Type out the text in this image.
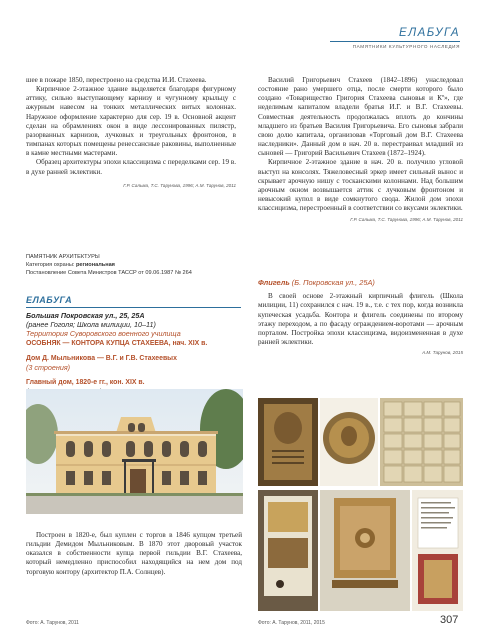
ЕЛАБУГА
ПАМЯТНИКИ КУЛЬТУРНОГО НАСЛЕДИЯ

шее в пожаре 1850, перестроено на средства И.И. Стахеева.

Кирпичное 2-этажное здание выделяется благодаря фигурному аттику, сильно выступающему карнизу и чугунному крыльцу с ажурным навесом на тонких металлических витых колоннах. Наружное оформление характерно для сер. 19 в. Основной акцент сделан на обрамлениях окон в виде лессонированных пилястр, разорванных карнизов, лучковых и треугольных фронтонов, в тимпанах которых помещены ренессансные раковины, выполненные в камне местными мастерами.

Образец архитектуры эпохи классицизма с переделками сер. 19 в. в духе ранней эклектики.

Г.Р. Сальма, Т.С. Тарунова, 1996; А.М. Тарунов, 2011
ПАМЯТНИК АРХИТЕКТУРЫ
Категория охраны: региональная
Постановление Совета Министров ТАССР от 09.06.1987 № 264
ЕЛАБУГА

Большая Покровская ул., 25, 25А

(ранее Гоголя; Школа милиции, 10–11)

Территория Суворовского военного училища

ОСОБНЯК — КОНТОРА КУПЦА СТАХЕЕВА, нач. XIX в.

Дом Д. Мыльникова — В.Г. и Г.В. Стахеевых

(3 строения)

Главный дом, 1820-е гг., кон. XIX в.

Построен в 1820-е, был куплен с торгов в 1846 купцом третьей гильдии Демидом Мыльниковым. В 1870 этот дворовый участок оказался в собственности купца первой гильдии В.Г. Стахеева, который немедленно приспособил находящийся на нем дом под торговую контору (архитектор П.А. Солнцев).

Василий Григорьевич Стахеев (1842–1896) унаследовал состояние рано умершего отца, после смерти которого было создано «Товарищество Григория Стахеева сыновья и Кº», где неделимым капиталом владели братья И.Г. и В.Г. Стахеевы. Совместная деятельность продолжалась вплоть до кончины младшего из братьев Василия Григорьевича. Его сыновья забрали свою долю капитала, организовав «Торговый дом В.Г. Стахеева наследники». Данный дом в нач. 20 в. перестраивал младший из сыновей — Григорий Васильевич Стахеев (1872–1924).

Кирпичное 2-этажное здание в нач. 20 в. получило угловой выступ на консолях. Тяжеловесный эркер имеет сильный вынос и скрывает арочную нишу с тосканскими колоннами. Над большим арочным окном возвышается аттик с лучковым фронтоном и невысокий купол в виде сомкнутого свода. Жилой дом эпохи классицизма, перестроенный в соответствии со вкусами эклектики.

Г.Р. Сальма, Т.С. Тарунова, 1996; А.М. Тарунов, 2011

Флигель (Б. Покровская ул., 25А)

В своей основе 2-этажный кирпичный флигель (Школа милиции, 11) сохранился с нач. 19 в., т.е. с тех пор, когда возникла купеческая усадьба. Контора и флигель соединены по второму этажу переходом, а по фасаду ограждением-воротами — арочным порталом. Постройка эпохи классицизма, видоизмененная в духе ранней эклектики.

А.М. Тарунов, 2015
Фото: А. Тарунов, 2011	Фото: А. Тарунов, 2011, 2015	307
